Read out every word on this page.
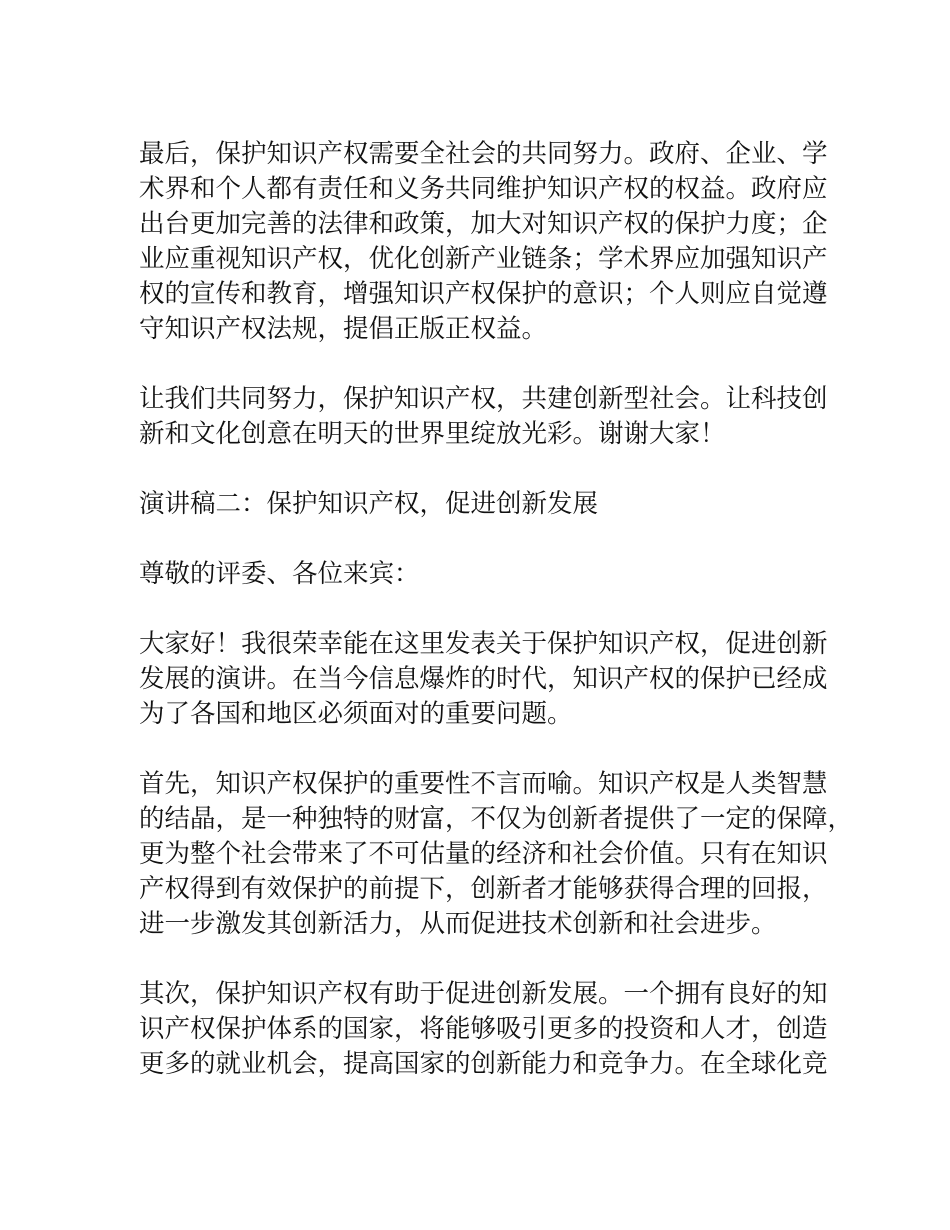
最后，保护知识产权需要全社会的共同努力。政府、企业、学
术界和个人都有责任和义务共同维护知识产权的权益。政府应
出台更加完善的法律和政策，加大对知识产权的保护力度；企
业应重视知识产权，优化创新产业链条；学术界应加强知识产
权的宣传和教育，增强知识产权保护的意识；个人则应自觉遵
守知识产权法规，提倡正版正权益。
让我们共同努力，保护知识产权，共建创新型社会。让科技创
新和文化创意在明天的世界里绽放光彩。谢谢大家！
演讲稿二：保护知识产权，促进创新发展
尊敬的评委、各位来宾：
大家好！我很荣幸能在这里发表关于保护知识产权，促进创新
发展的演讲。在当今信息爆炸的时代，知识产权的保护已经成
为了各国和地区必须面对的重要问题。
首先，知识产权保护的重要性不言而喻。知识产权是人类智慧
的结晶，是一种独特的财富，不仅为创新者提供了一定的保障，
更为整个社会带来了不可估量的经济和社会价值。只有在知识
产权得到有效保护的前提下，创新者才能够获得合理的回报，
进一步激发其创新活力，从而促进技术创新和社会进步。
其次，保护知识产权有助于促进创新发展。一个拥有良好的知
识产权保护体系的国家，将能够吸引更多的投资和人才，创造
更多的就业机会，提高国家的创新能力和竞争力。在全球化竞
